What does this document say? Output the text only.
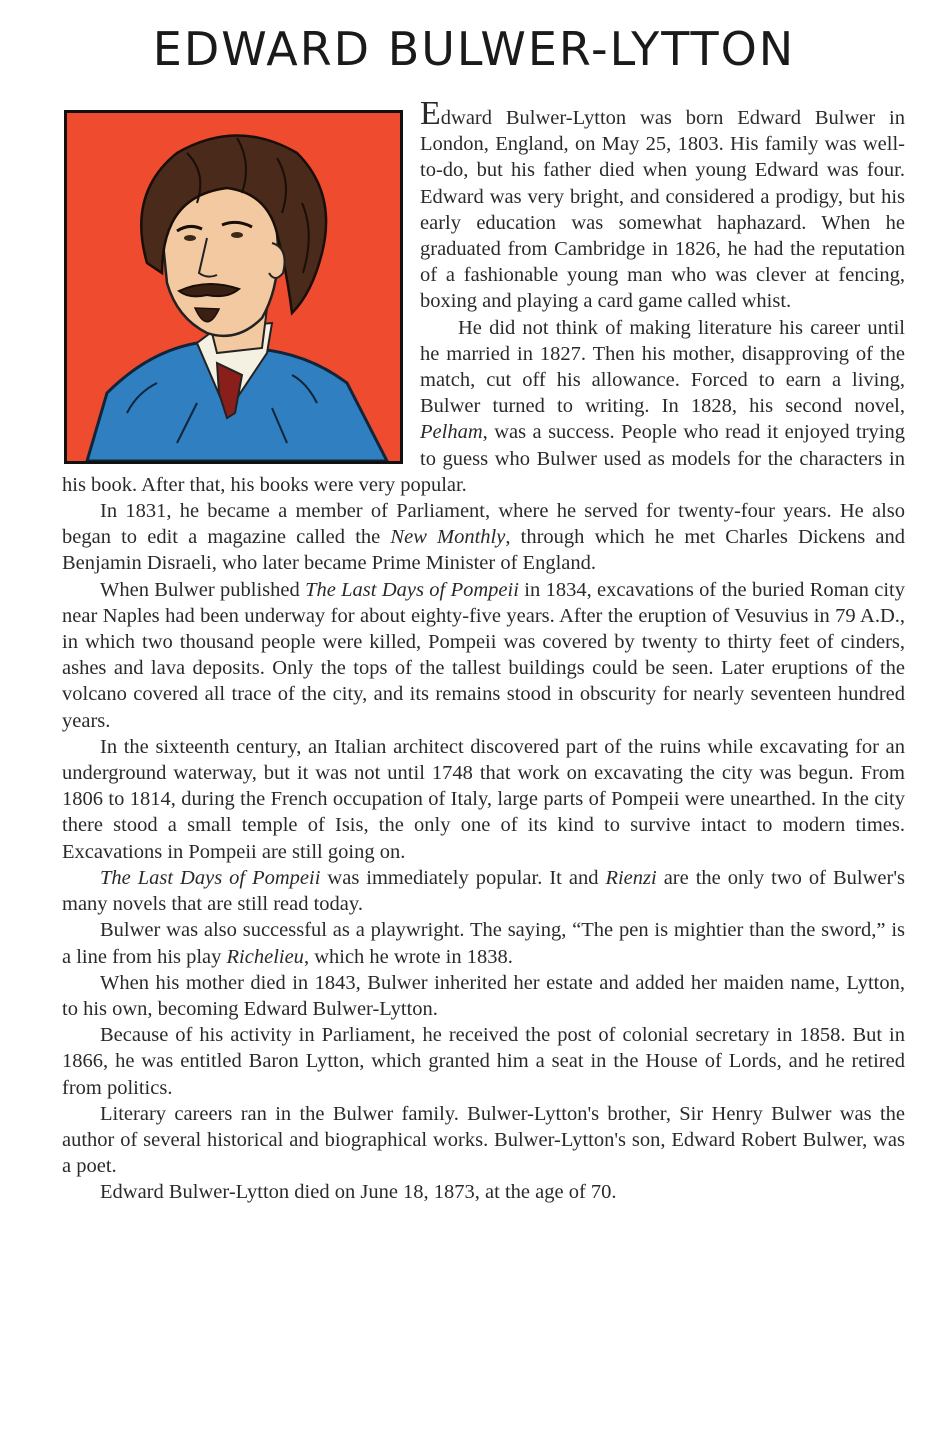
EDWARD BULWER-LYTTON

Edward Bulwer-Lytton was born Edward Bulwer in London, England, on May 25, 1803. His family was well-to-do, but his father died when young Edward was four. Edward was very bright, and considered a prodigy, but his early education was somewhat haphazard. When he graduated from Cambridge in 1826, he had the reputation of a fashionable young man who was clever at fencing, boxing and playing a card game called whist.

He did not think of making literature his career until he married in 1827. Then his mother, disapproving of the match, cut off his allowance. Forced to earn a living, Bulwer turned to writing. In 1828, his second novel, Pelham, was a success. People who read it enjoyed trying to guess who Bulwer used as models for the characters in his book. After that, his books were very popular.

In 1831, he became a member of Parliament, where he served for twenty-four years. He also began to edit a magazine called the New Monthly, through which he met Charles Dickens and Benjamin Disraeli, who later became Prime Minister of England.

When Bulwer published The Last Days of Pompeii in 1834, excavations of the buried Roman city near Naples had been underway for about eighty-five years. After the eruption of Vesuvius in 79 A.D., in which two thousand people were killed, Pompeii was covered by twenty to thirty feet of cinders, ashes and lava deposits. Only the tops of the tallest buildings could be seen. Later eruptions of the volcano covered all trace of the city, and its remains stood in obscurity for nearly seventeen hundred years.

In the sixteenth century, an Italian architect discovered part of the ruins while excavating for an underground waterway, but it was not until 1748 that work on excavating the city was begun. From 1806 to 1814, during the French occupation of Italy, large parts of Pompeii were unearthed. In the city there stood a small temple of Isis, the only one of its kind to survive intact to modern times. Excavations in Pompeii are still going on.

The Last Days of Pompeii was immediately popular. It and Rienzi are the only two of Bulwer's many novels that are still read today.

Bulwer was also successful as a playwright. The saying, “The pen is mightier than the sword,” is a line from his play Richelieu, which he wrote in 1838.

When his mother died in 1843, Bulwer inherited her estate and added her maiden name, Lytton, to his own, becoming Edward Bulwer-Lytton.

Because of his activity in Parliament, he received the post of colonial secretary in 1858. But in 1866, he was entitled Baron Lytton, which granted him a seat in the House of Lords, and he retired from politics.

Literary careers ran in the Bulwer family. Bulwer-Lytton's brother, Sir Henry Bulwer was the author of several historical and biographical works. Bulwer-Lytton's son, Edward Robert Bulwer, was a poet.

Edward Bulwer-Lytton died on June 18, 1873, at the age of 70.
